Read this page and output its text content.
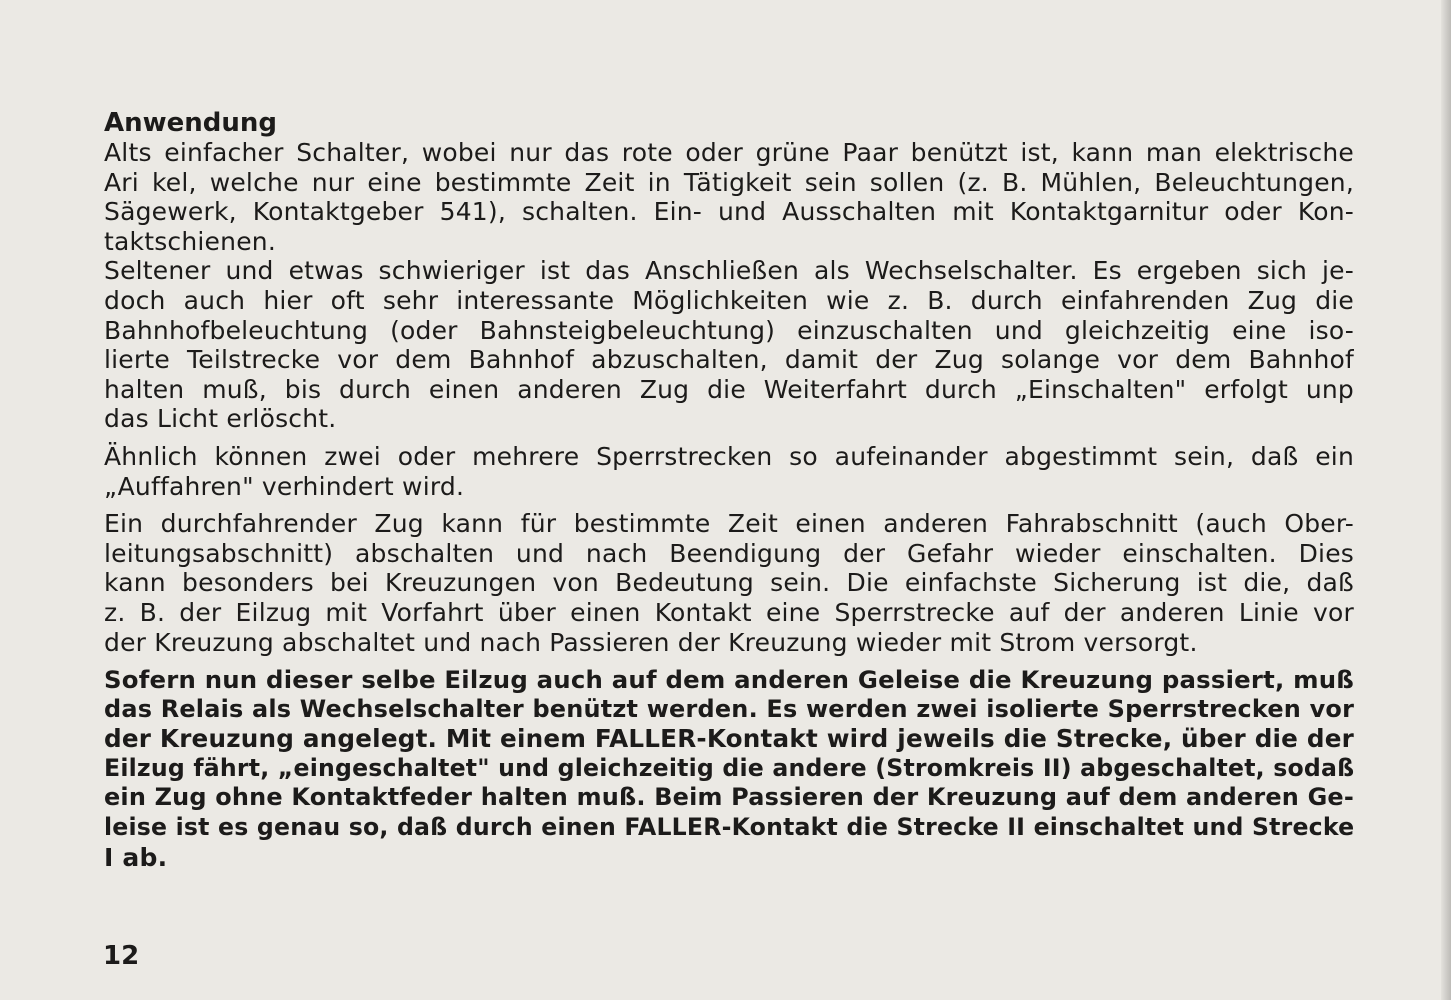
Anwendung
Alts einfacher Schalter, wobei nur das rote oder grüne Paar benützt ist, kann man elektrische
Ari kel, welche nur eine bestimmte Zeit in Tätigkeit sein sollen (z. B. Mühlen, Beleuchtungen,
Sägewerk, Kontaktgeber 541), schalten. Ein- und Ausschalten mit Kontaktgarnitur oder Kon-
taktschienen.
Seltener und etwas schwieriger ist das Anschließen als Wechselschalter. Es ergeben sich je-
doch auch hier oft sehr interessante Möglichkeiten wie z. B. durch einfahrenden Zug die
Bahnhofbeleuchtung (oder Bahnsteigbeleuchtung) einzuschalten und gleichzeitig eine iso-
lierte Teilstrecke vor dem Bahnhof abzuschalten, damit der Zug solange vor dem Bahnhof
halten muß, bis durch einen anderen Zug die Weiterfahrt durch „Einschalten" erfolgt unp
das Licht erlöscht.
Ähnlich können zwei oder mehrere Sperrstrecken so aufeinander abgestimmt sein, daß ein
„Auffahren" verhindert wird.
Ein durchfahrender Zug kann für bestimmte Zeit einen anderen Fahrabschnitt (auch Ober-
leitungsabschnitt) abschalten und nach Beendigung der Gefahr wieder einschalten. Dies
kann besonders bei Kreuzungen von Bedeutung sein. Die einfachste Sicherung ist die, daß
z. B. der Eilzug mit Vorfahrt über einen Kontakt eine Sperrstrecke auf der anderen Linie vor
der Kreuzung abschaltet und nach Passieren der Kreuzung wieder mit Strom versorgt.
Sofern nun dieser selbe Eilzug auch auf dem anderen Geleise die Kreuzung passiert, muß
das Relais als Wechselschalter benützt werden. Es werden zwei isolierte Sperrstrecken vor
der Kreuzung angelegt. Mit einem FALLER-Kontakt wird jeweils die Strecke, über die der
Eilzug fährt, „eingeschaltet" und gleichzeitig die andere (Stromkreis II) abgeschaltet, sodaß
ein Zug ohne Kontaktfeder halten muß. Beim Passieren der Kreuzung auf dem anderen Ge-
leise ist es genau so, daß durch einen FALLER-Kontakt die Strecke II einschaltet und Strecke
I ab.
12
